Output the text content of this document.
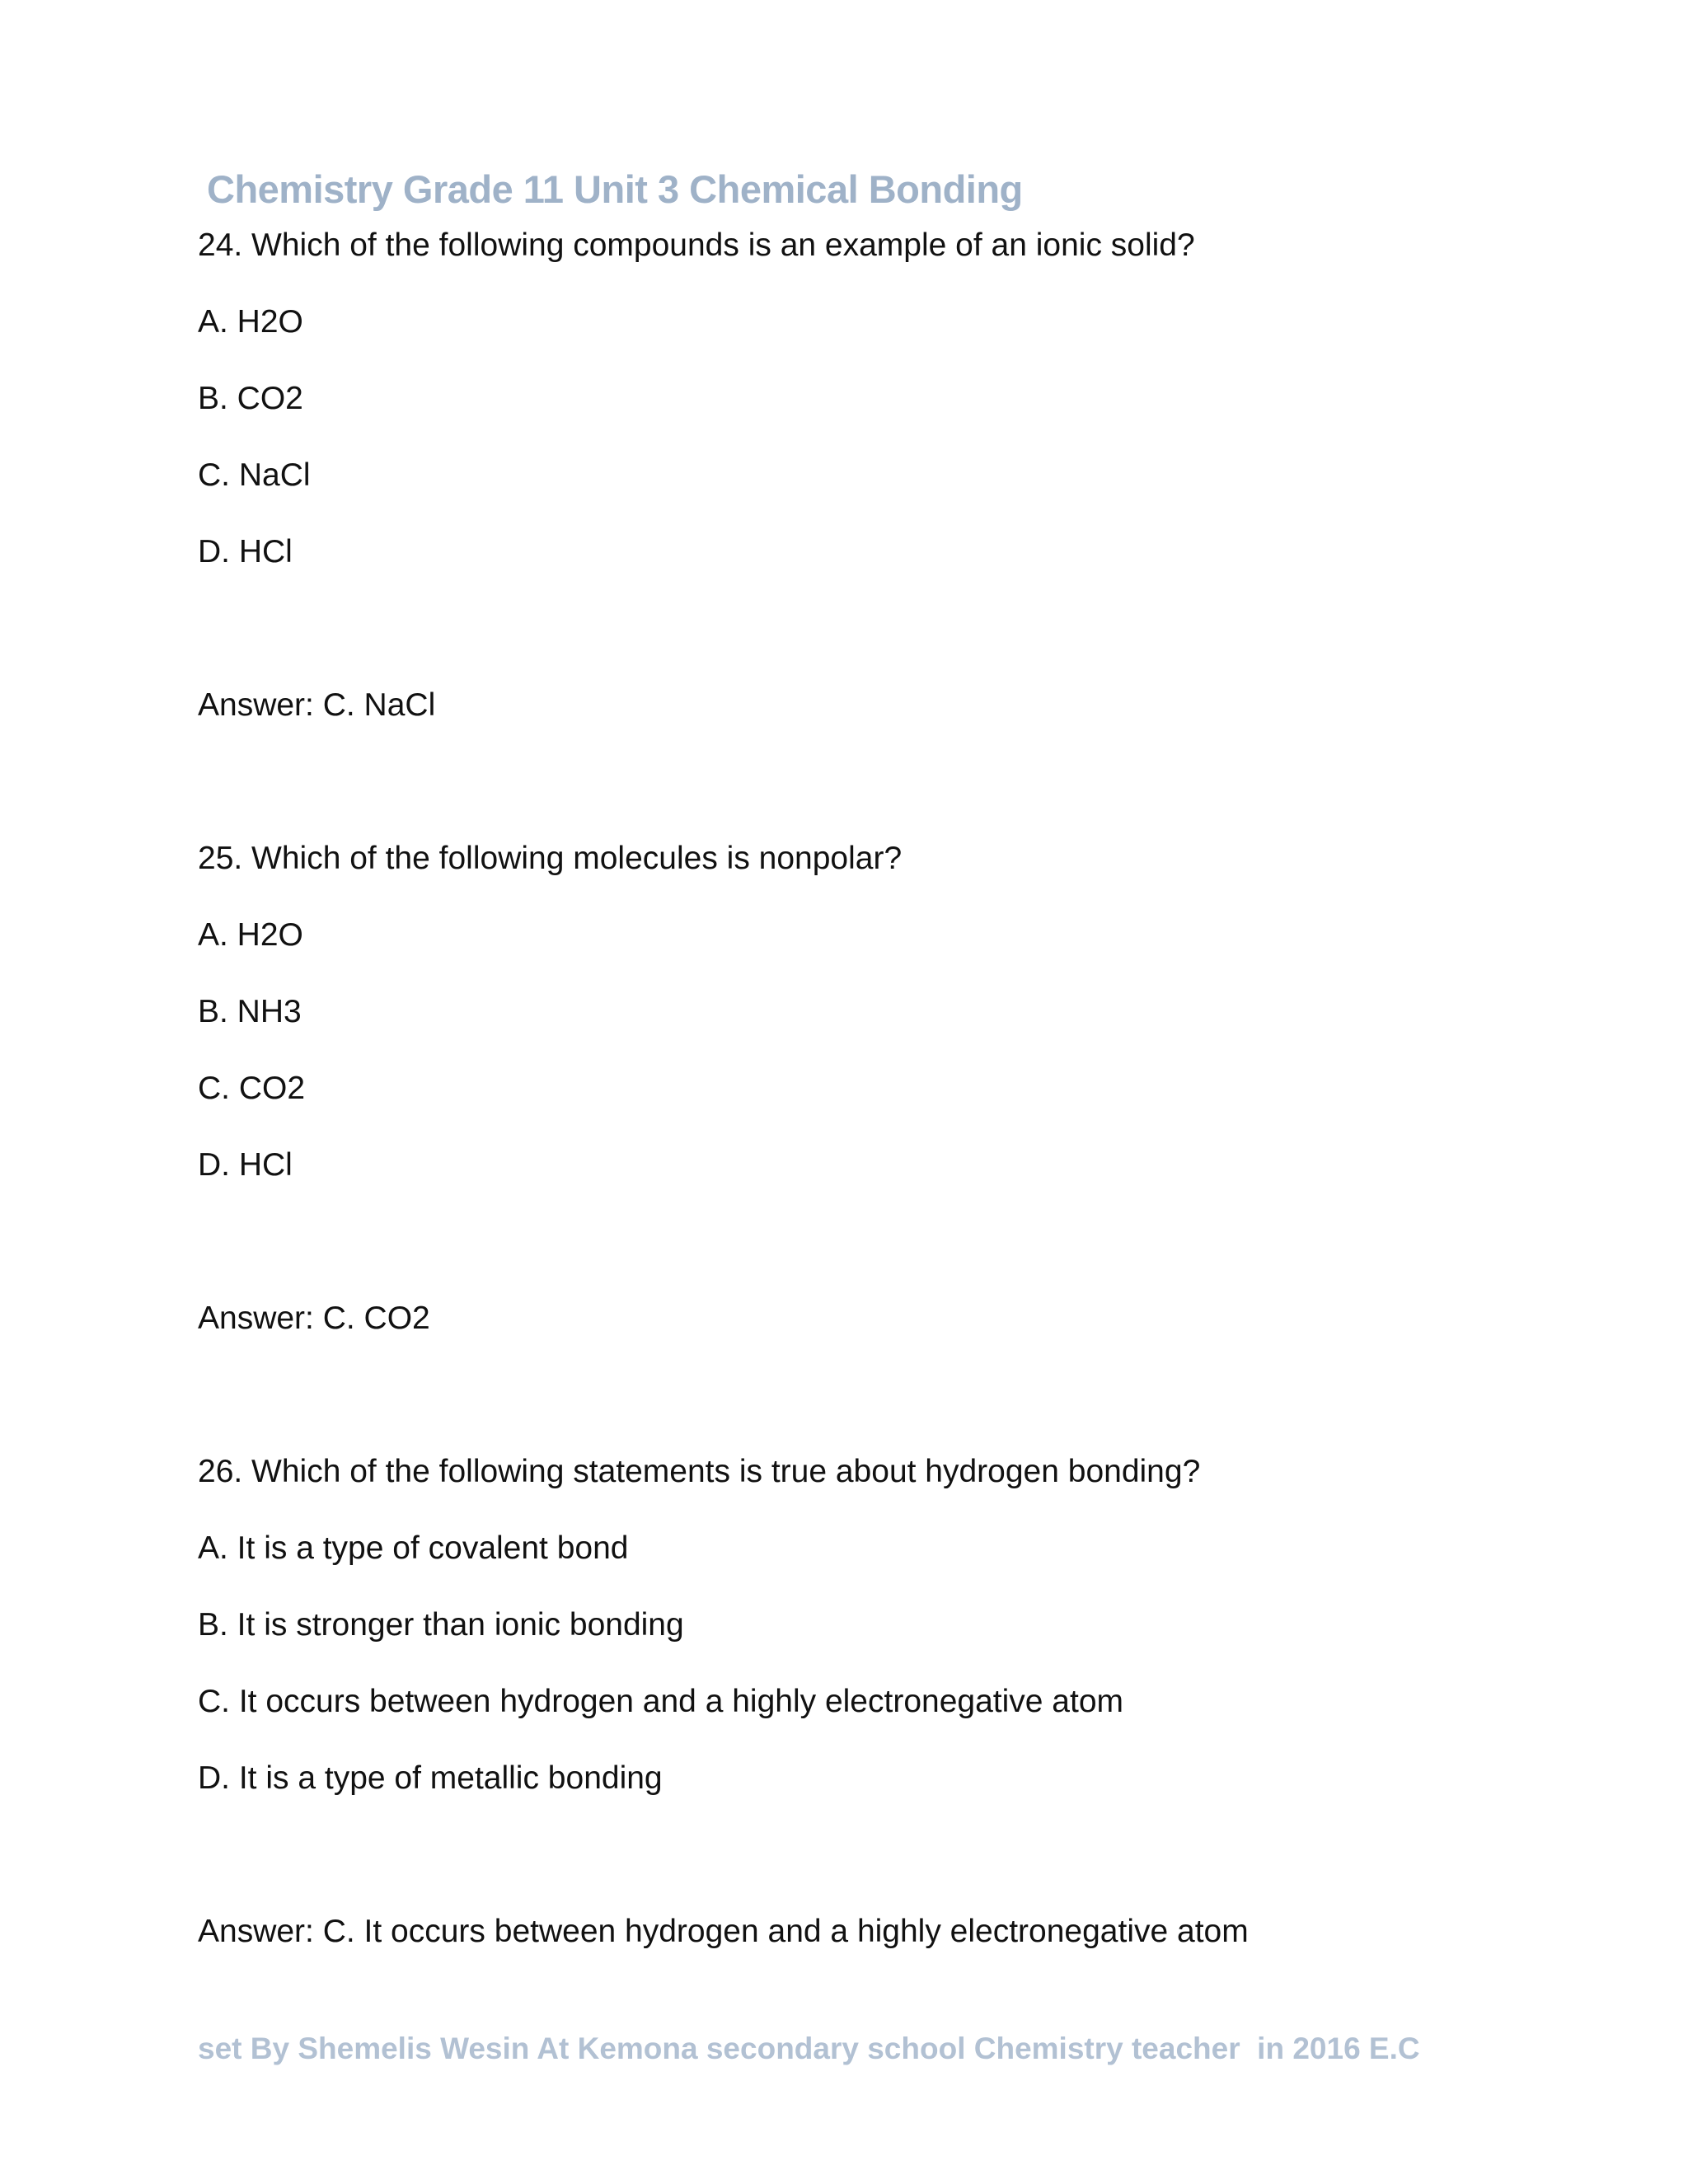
Chemistry Grade 11 Unit 3 Chemical Bonding
24. Which of the following compounds is an example of an ionic solid?
A. H2O
B. CO2
C. NaCl
D. HCl
Answer: C. NaCl
25. Which of the following molecules is nonpolar?
A. H2O
B. NH3
C. CO2
D. HCl
Answer: C. CO2
26. Which of the following statements is true about hydrogen bonding?
A. It is a type of covalent bond
B. It is stronger than ionic bonding
C. It occurs between hydrogen and a highly electronegative atom
D. It is a type of metallic bonding
Answer: C. It occurs between hydrogen and a highly electronegative atom
set By Shemelis Wesin At Kemona secondary school Chemistry teacher  in 2016 E.C
